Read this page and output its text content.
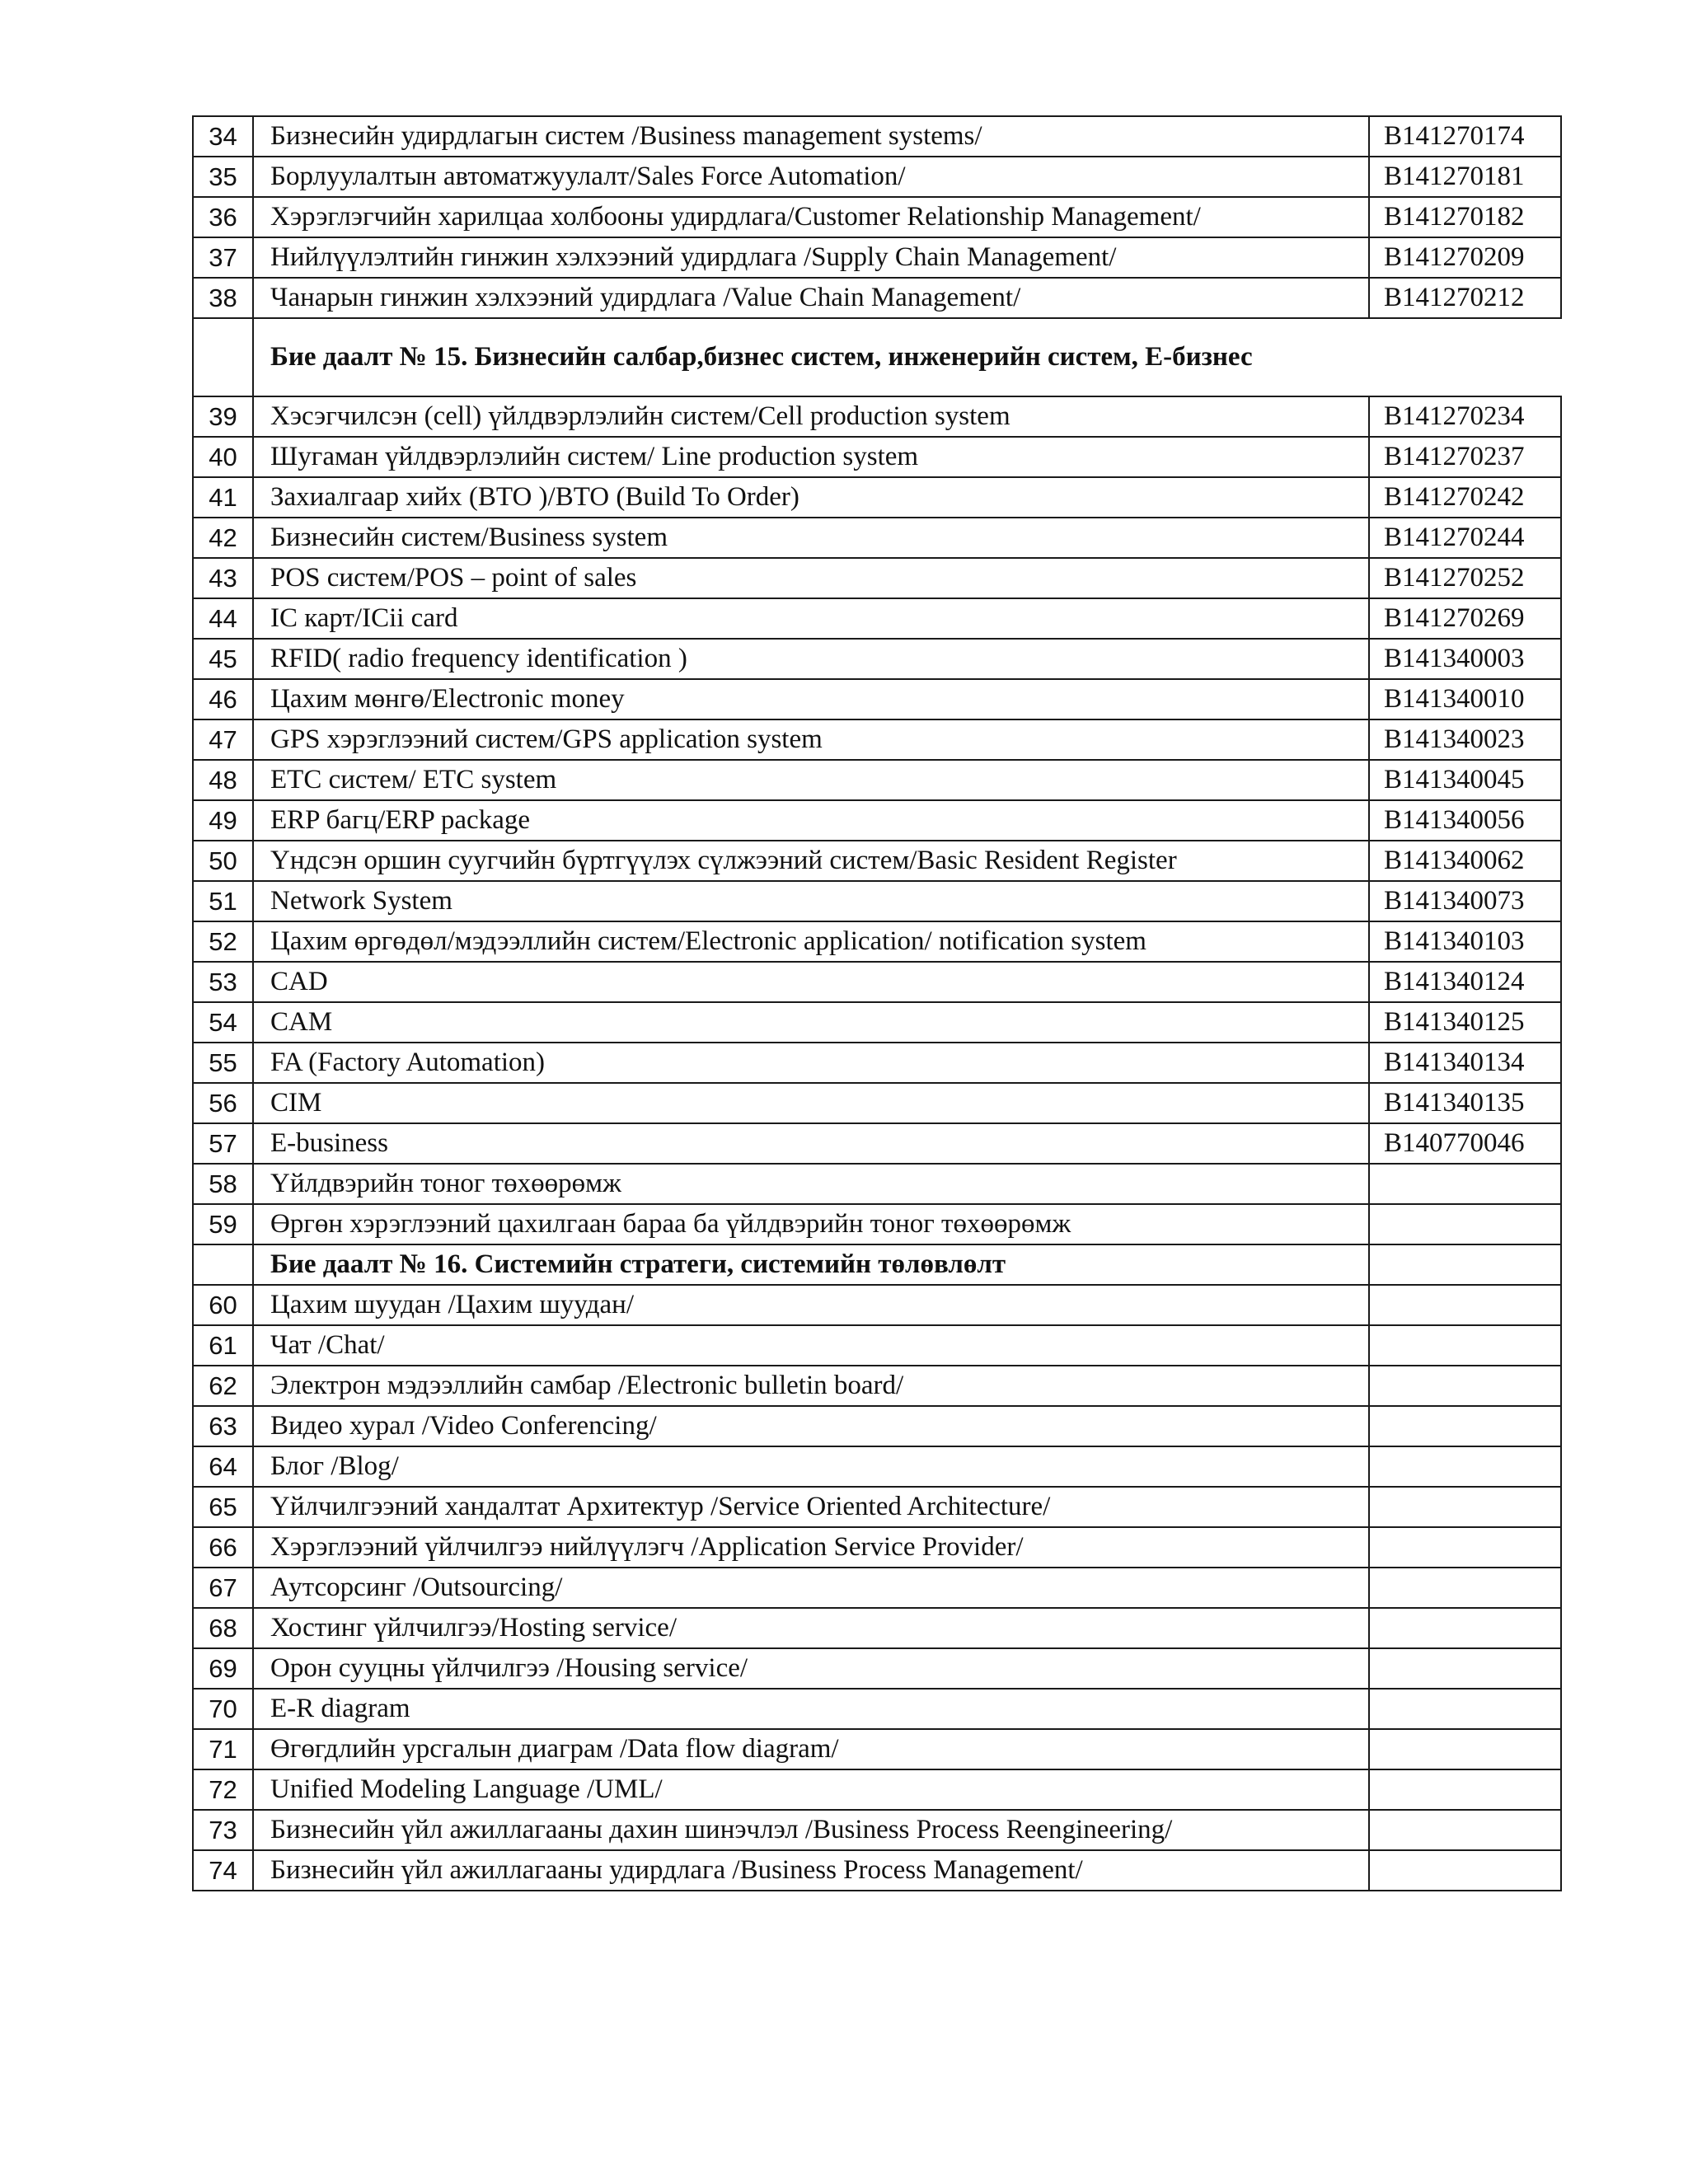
34	Бизнесийн удирдлагын систем /Business management systems/	B141270174
35	Борлуулалтын автоматжуулалт/Sales Force Automation/	B141270181
36	Хэрэглэгчийн харилцаа холбооны удирдлага/Customer Relationship Management/	B141270182
37	Нийлүүлэлтийн гинжин хэлхээний удирдлага /Supply Chain Management/	B141270209
38	Чанарын гинжин хэлхээний удирдлага /Value Chain Management/	B141270212
	Бие даалт № 15. Бизнесийн салбар,бизнес систем, инженерийн систем, Е-бизнес	
39	Хэсэгчилсэн (cell) үйлдвэрлэлийн систем/Cell production system	B141270234
40	Шугаман үйлдвэрлэлийн систем/ Line production system	B141270237
41	Захиалгаар хийх (BTO )/BTO (Build To Order)	B141270242
42	Бизнесийн систем/Business system	B141270244
43	POS систем/POS – point of sales	B141270252
44	IC карт/ICii card	B141270269
45	RFID( radio frequency identification )	B141340003
46	Цахим мөнгө/Electronic money	B141340010
47	GPS хэрэглээний систем/GPS application system	B141340023
48	ETC систем/ ETC system	B141340045
49	ERP багц/ERP package	B141340056
50	Үндсэн оршин суугчийн бүртгүүлэх сүлжээний систем/Basic Resident Register	B141340062
51	Network System	B141340073
52	Цахим өргөдөл/мэдээллийн систем/Electronic application/ notification system	B141340103
53	CAD	B141340124
54	CAM	B141340125
55	FA (Factory Automation)	B141340134
56	CIM	B141340135
57	E-business	B140770046
58	Үйлдвэрийн тоног төхөөрөмж	
59	Өргөн хэрэглээний цахилгаан бараа ба үйлдвэрийн тоног төхөөрөмж	
	Бие даалт № 16. Системийн стратеги, системийн төлөвлөлт	
60	Цахим шуудан /Цахим шуудан/	
61	Чат /Chat/	
62	Электрон мэдээллийн самбар /Electronic bulletin board/	
63	Видео хурал /Video Conferencing/	
64	Блог /Blog/	
65	Үйлчилгээний хандалтат Архитектур /Service Oriented Architecture/	
66	Хэрэглээний үйлчилгээ нийлүүлэгч /Application Service Provider/	
67	Аутсорсинг /Outsourcing/	
68	Хостинг үйлчилгээ/Hosting service/	
69	Орон сууцны үйлчилгээ /Housing service/	
70	E-R diagram	
71	Өгөгдлийн урсгалын диаграм /Data flow diagram/	
72	Unified Modeling Language /UML/	
73	Бизнесийн үйл ажиллагааны дахин шинэчлэл /Business Process Reengineering/	
74	Бизнесийн үйл ажиллагааны удирдлага /Business Process Management/	
